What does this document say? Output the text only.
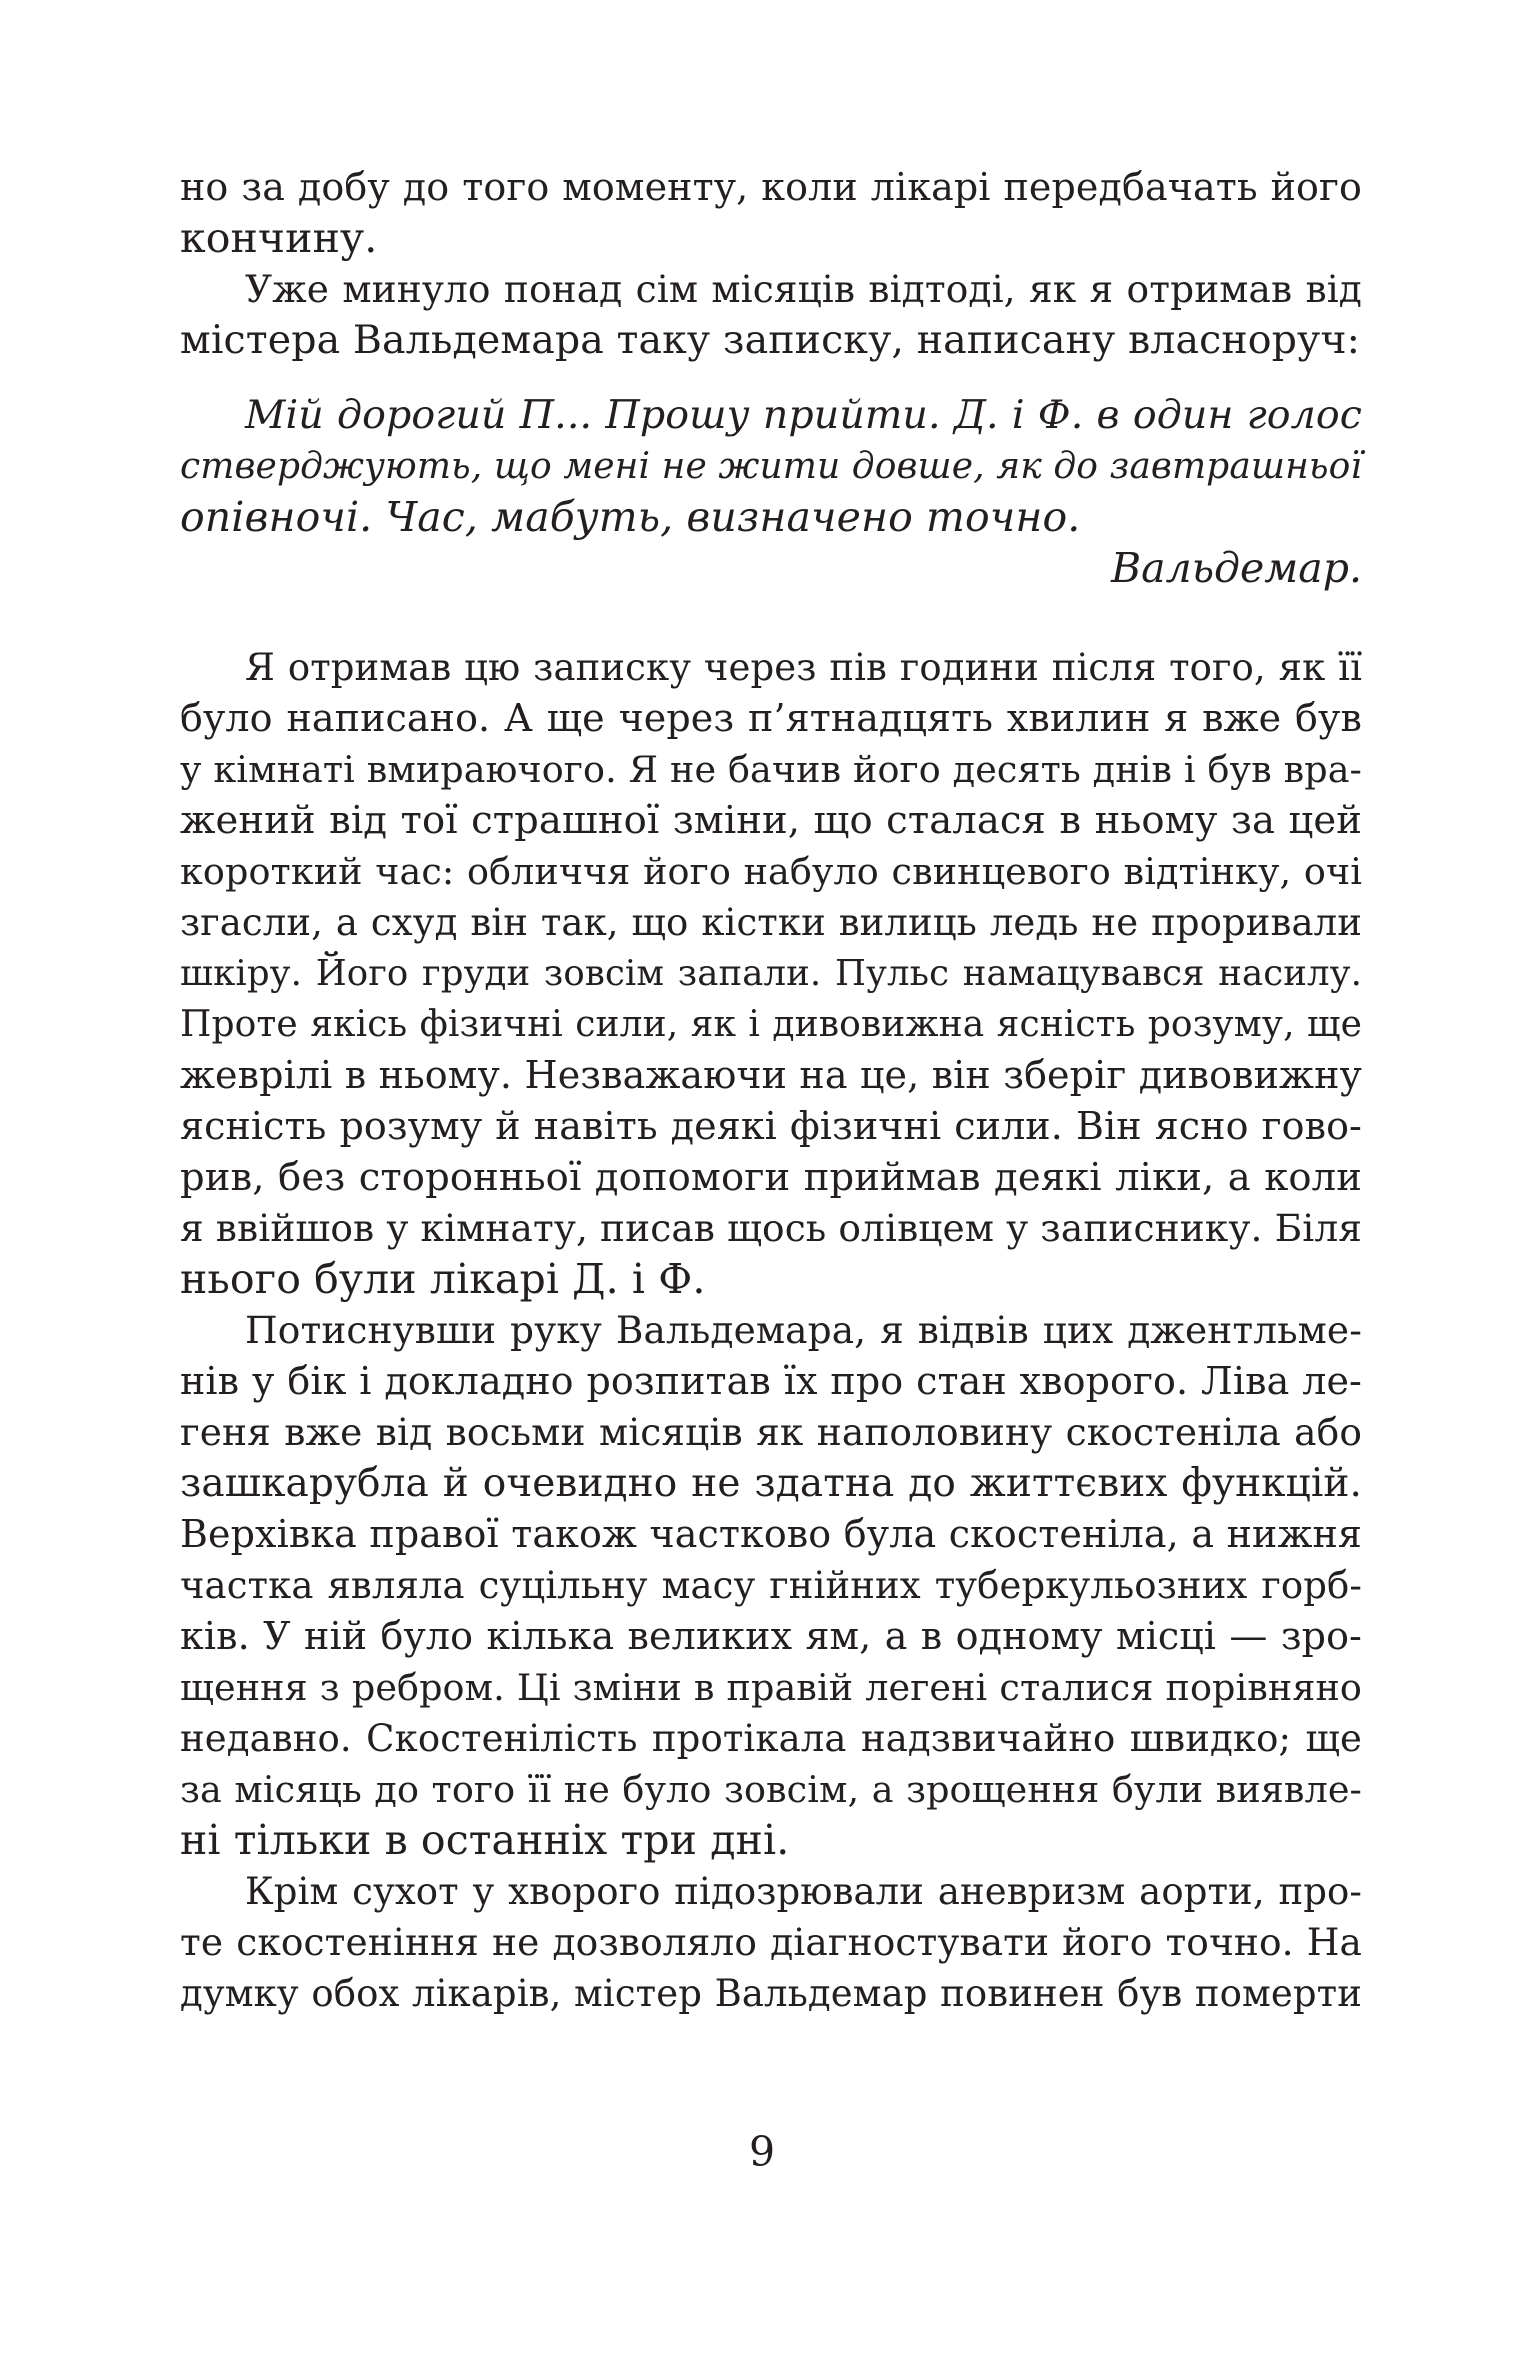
но за добу до того моменту, коли лікарі передбачать його
кончину.
Уже минуло понад сім місяців відтоді, як я отримав від
містера Вальдемара таку записку, написану власноруч:
Мій дорогий П... Прошу прийти. Д. і Ф. в один голос
стверджують, що мені не жити довше, як до завтрашньої
опівночі. Час, мабуть, визначено точно.
Вальдемар.
Я отримав цю записку через пів години після того, як її
було написано. А ще через п’ятнадцять хвилин я вже був
у кімнаті вмираючого. Я не бачив його десять днів і був вра-
жений від тої страшної зміни, що сталася в ньому за цей
короткий час: обличчя його набуло свинцевого відтінку, очі
згасли, а схуд він так, що кістки вилиць ледь не проривали
шкіру. Його груди зовсім запали. Пульс намацувався насилу.
Проте якісь фізичні сили, як і дивовижна ясність розуму, ще
жеврілі в ньому. Незважаючи на це, він зберіг дивовижну
ясність розуму й навіть деякі фізичні сили. Він ясно гово-
рив, без сторонньої допомоги приймав деякі ліки, а коли
я ввійшов у кімнату, писав щось олівцем у записнику. Біля
нього були лікарі Д. і Ф.
Потиснувши руку Вальдемара, я відвів цих джентльме-
нів у бік і докладно розпитав їх про стан хворого. Ліва ле-
геня вже від восьми місяців як наполовину скостеніла або
зашкарубла й очевидно не здатна до життєвих функцій.
Верхівка правої також частково була скостеніла, а нижня
частка являла суцільну масу гнійних туберкульозних горб-
ків. У ній було кілька великих ям, а в одному місці — зро-
щення з ребром. Ці зміни в правій легені сталися порівняно
недавно. Скостенілість протікала надзвичайно швидко; ще
за місяць до того її не було зовсім, а зрощення були виявле-
ні тільки в останніх три дні.
Крім сухот у хворого підозрювали аневризм аорти, про-
те скостеніння не дозволяло діагностувати його точно. На
думку обох лікарів, містер Вальдемар повинен був померти
9
